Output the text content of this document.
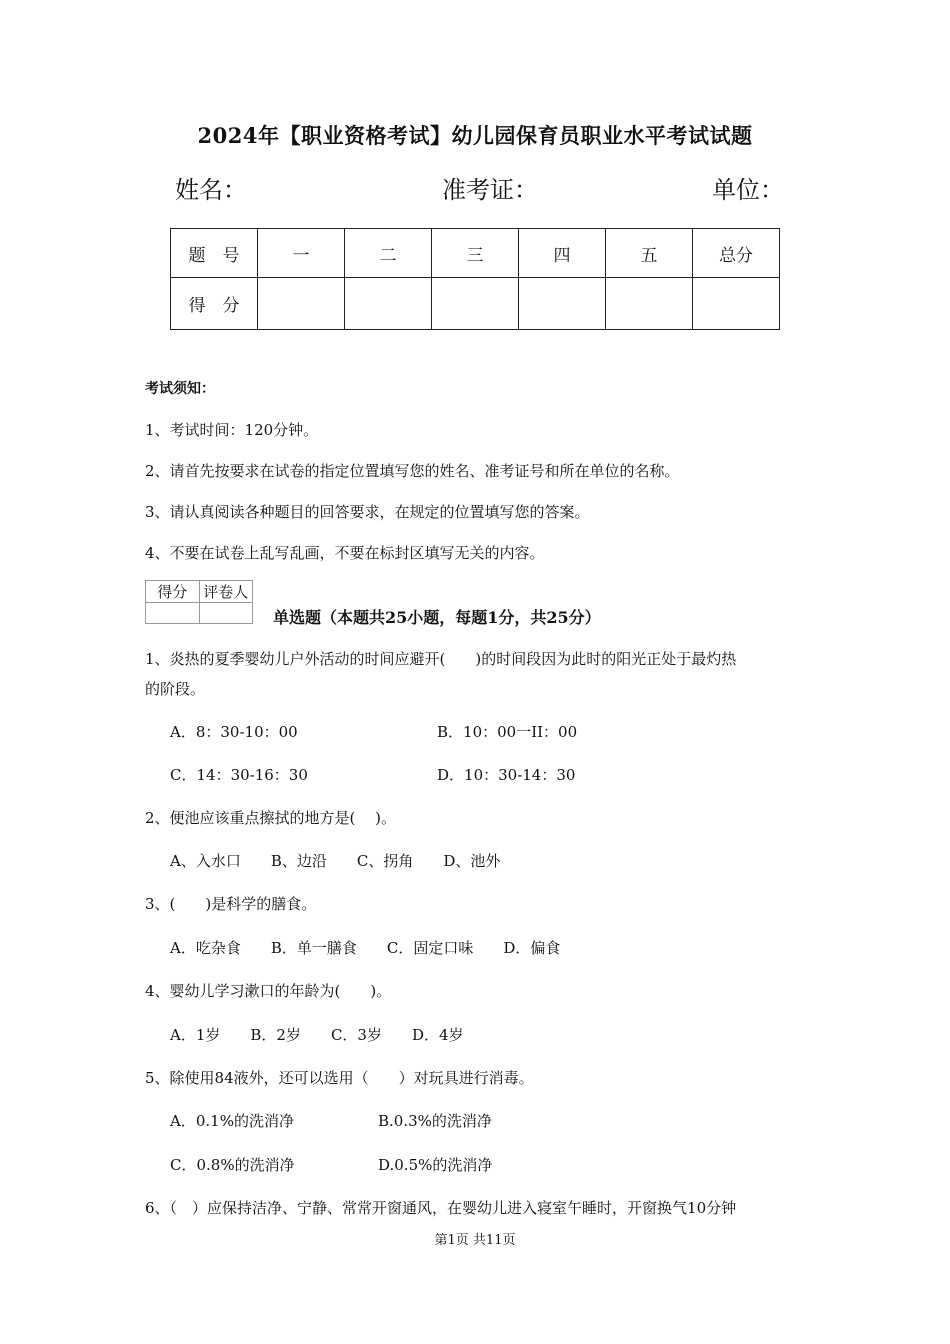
2024年【职业资格考试】幼儿园保育员职业水平考试试题
姓名：	准考证：	单位：
题　号	一	二	三	四	五	总分
得　分						
考试须知：
1、考试时间：120分钟。
2、请首先按要求在试卷的指定位置填写您的姓名、准考证号和所在单位的名称。
3、请认真阅读各种题目的回答要求，在规定的位置填写您的答案。
4、不要在试卷上乱写乱画，不要在标封区填写无关的内容。
得分	评卷人

单选题（本题共25小题，每题1分，共25分）
1、炎热的夏季婴幼儿户外活动的时间应避开(　　)的时间段因为此时的阳光正处于最灼热
的阶段。
A．8：30-10：00	B．10：00一II：00
C．14：30-16：30	D．10：30-14：30
2、便池应该重点擦拭的地方是(　 )。
A、入水口　　B、边沿　　C、拐角　　D、池外
3、(　　)是科学的膳食。
A．吃杂食　　B．单一膳食　　C．固定口味　　D．偏食
4、婴幼儿学习漱口的年龄为(　　)。
A．1岁　　B．2岁　　C．3岁　　D．4岁
5、除使用84液外，还可以选用（　　）对玩具进行消毒。
A．0.1%的洗消净	B.0.3%的洗消净
C．0.8%的洗消净	D.0.5%的洗消净
6、（　）应保持洁净、宁静、常常开窗通风，在婴幼儿进入寝室午睡时，开窗换气10分钟
第1页 共11页
